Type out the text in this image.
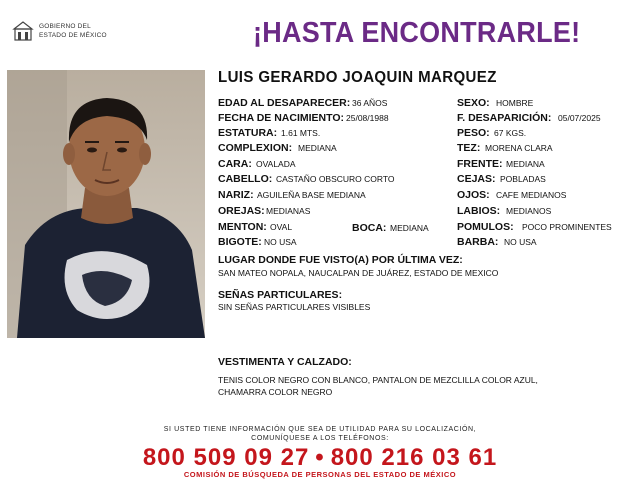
GOBIERNO DEL
ESTADO DE MÉXICO	¡HASTA ENCONTRARLE!
LUIS GERARDO JOAQUIN MARQUEZ
EDAD AL DESAPARECER: 36 AÑOS
FECHA DE NACIMIENTO: 25/08/1988
ESTATURA: 1.61 MTS.
COMPLEXION: MEDIANA
CARA: OVALADA
CABELLO: CASTAÑO OBSCURO CORTO
NARIZ: AGUILEÑA BASE MEDIANA
OREJAS: MEDIANAS
MENTON: OVAL	BOCA: MEDIANA
BIGOTE: NO USA
SEXO: HOMBRE
F. DESAPARICIÓN: 05/07/2025
PESO: 67 KGS.
TEZ: MORENA CLARA
FRENTE: MEDIANA
CEJAS: POBLADAS
OJOS: CAFE MEDIANOS
LABIOS: MEDIANOS
POMULOS: POCO PROMINENTES
BARBA: NO USA
LUGAR DONDE FUE VISTO(A) POR ÚLTIMA VEZ:
SAN MATEO NOPALA, NAUCALPAN DE JUÁREZ, ESTADO DE MEXICO
SEÑAS PARTICULARES:
SIN SEÑAS PARTICULARES VISIBLES
VESTIMENTA Y CALZADO:
TENIS COLOR NEGRO CON BLANCO, PANTALON DE MEZCLILLA COLOR AZUL,
CHAMARRA COLOR NEGRO
SI USTED TIENE INFORMACIÓN QUE SEA DE UTILIDAD PARA SU LOCALIZACIÓN,
COMUNÍQUESE A LOS TELÉFONOS:
800 509 09 27 • 800 216 03 61
COMISIÓN DE BÚSQUEDA DE PERSONAS DEL ESTADO DE MÉXICO
